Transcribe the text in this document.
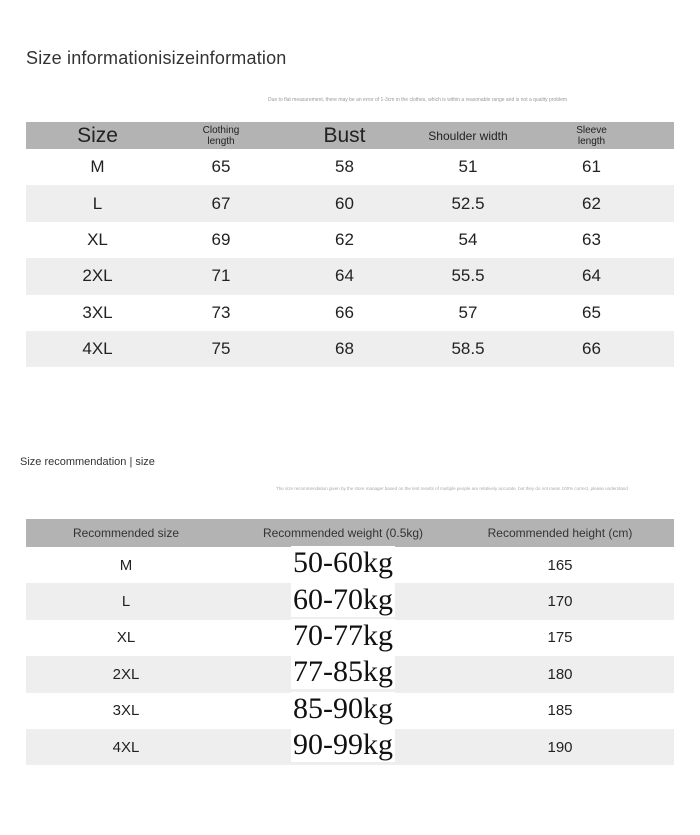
Size informationisizeinformation
Due to flat measurement, there may be an error of 1-3cm in the clothes, which is within a reasonable range and is not a quality problem
Size	Clothing length	Bust	Shoulder width	Sleeve length
M	65	58	51	61
L	67	60	52.5	62
XL	69	62	54	63
2XL	71	64	55.5	64
3XL	73	66	57	65
4XL	75	68	58.5	66
Size recommendation | size
The size recommendation given by the store manager based on the test results of multiple people are relatively accurate, but they do not mean 100% correct, please understand
Recommended size	Recommended weight (0.5kg)	Recommended height (cm)
M	50-60kg	165
L	60-70kg	170
XL	70-77kg	175
2XL	77-85kg	180
3XL	85-90kg	185
4XL	90-99kg	190
